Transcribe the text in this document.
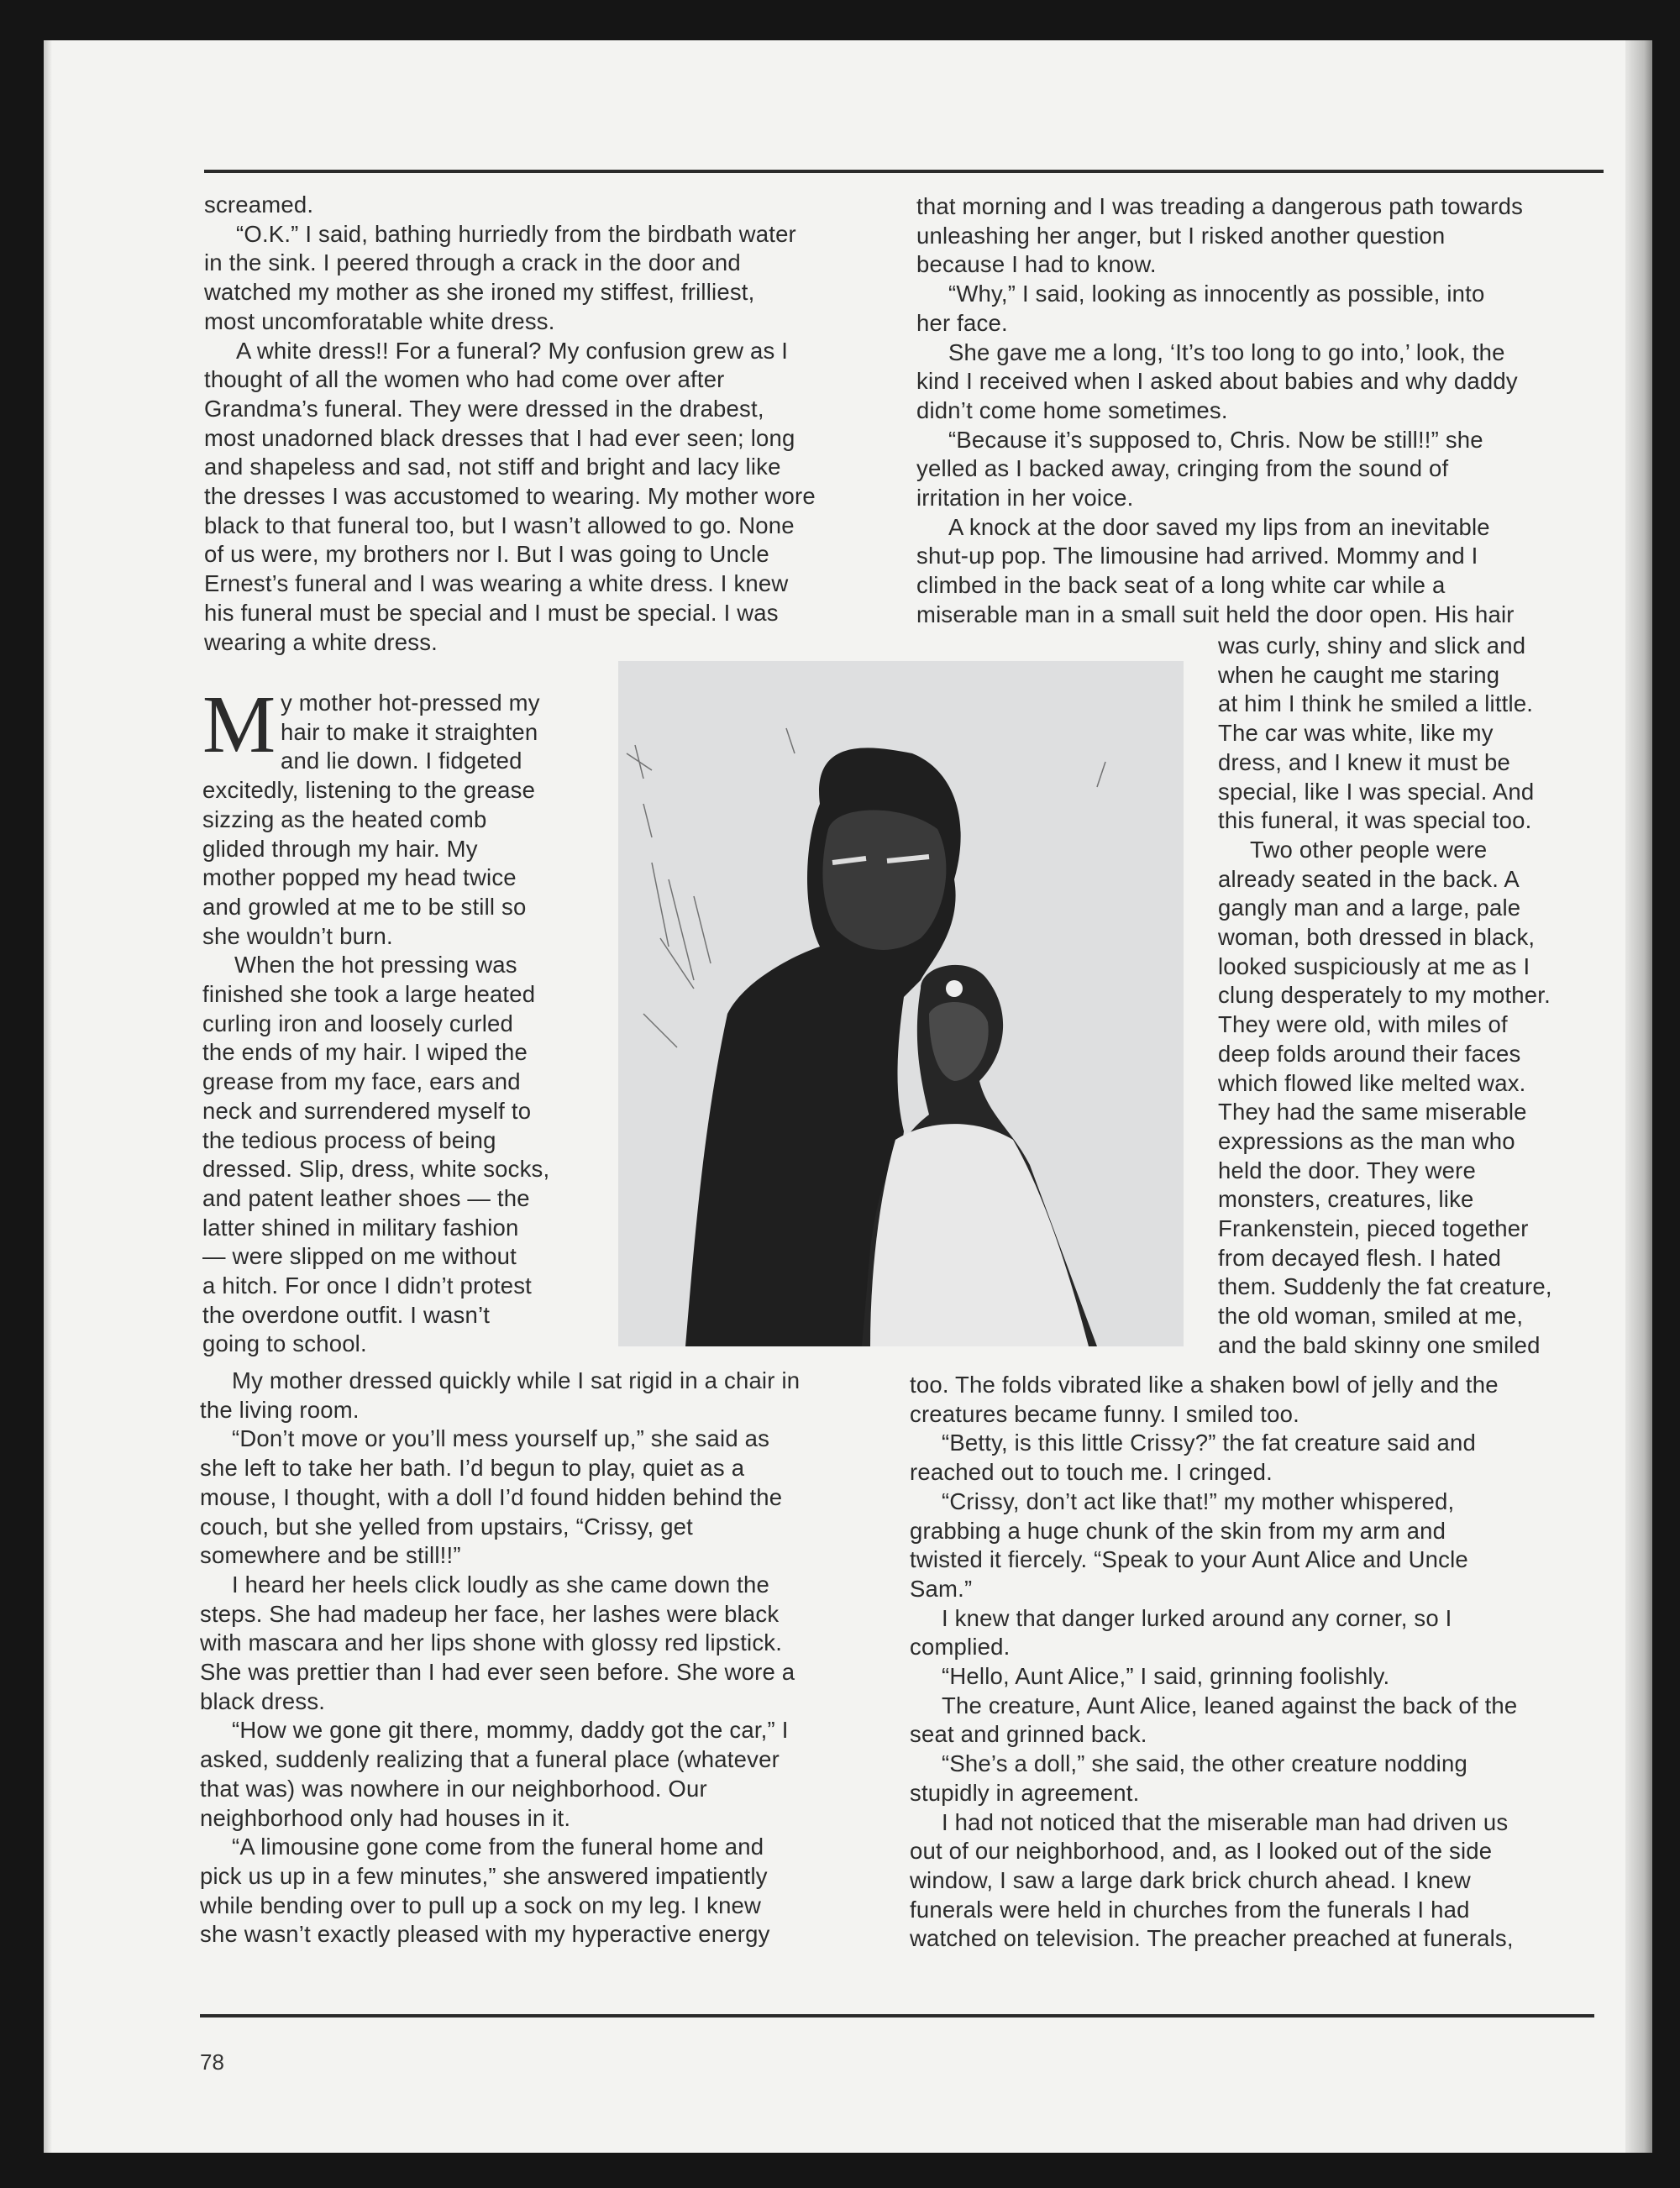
screamed.
“O.K.” I said, bathing hurriedly from the birdbath water
in the sink. I peered through a crack in the door and
watched my mother as she ironed my stiffest, frilliest,
most uncomforatable white dress.
A white dress!! For a funeral? My confusion grew as I
thought of all the women who had come over after
Grandma’s funeral. They were dressed in the drabest,
most unadorned black dresses that I had ever seen; long
and shapeless and sad, not stiff and bright and lacy like
the dresses I was accustomed to wearing. My mother wore
black to that funeral too, but I wasn’t allowed to go. None
of us were, my brothers nor I. But I was going to Uncle
Ernest’s funeral and I was wearing a white dress. I knew
his funeral must be special and I must be special. I was
wearing a white dress.
y mother hot-pressed my
hair to make it straighten
and lie down. I fidgeted
excitedly, listening to the grease
sizzing as the heated comb
glided through my hair. My
mother popped my head twice
and growled at me to be still so
she wouldn’t burn.
When the hot pressing was
finished she took a large heated
curling iron and loosely curled
the ends of my hair. I wiped the
grease from my face, ears and
neck and surrendered myself to
the tedious process of being
dressed. Slip, dress, white socks,
and patent leather shoes — the
latter shined in military fashion
— were slipped on me without
a hitch. For once I didn’t protest
the overdone outfit. I wasn’t
going to school.
My mother dressed quickly while I sat rigid in a chair in
the living room.
“Don’t move or you’ll mess yourself up,” she said as
she left to take her bath. I’d begun to play, quiet as a
mouse, I thought, with a doll I’d found hidden behind the
couch, but she yelled from upstairs, “Crissy, get
somewhere and be still!!”
I heard her heels click loudly as she came down the
steps. She had madeup her face, her lashes were black
with mascara and her lips shone with glossy red lipstick.
She was prettier than I had ever seen before. She wore a
black dress.
“How we gone git there, mommy, daddy got the car,” I
asked, suddenly realizing that a funeral place (whatever
that was) was nowhere in our neighborhood. Our
neighborhood only had houses in it.
“A limousine gone come from the funeral home and
pick us up in a few minutes,” she answered impatiently
while bending over to pull up a sock on my leg. I knew
she wasn’t exactly pleased with my hyperactive energy
that morning and I was treading a dangerous path towards
unleashing her anger, but I risked another question
because I had to know.
“Why,” I said, looking as innocently as possible, into
her face.
She gave me a long, ‘It’s too long to go into,’ look, the
kind I received when I asked about babies and why daddy
didn’t come home sometimes.
“Because it’s supposed to, Chris. Now be still!!” she
yelled as I backed away, cringing from the sound of
irritation in her voice.
A knock at the door saved my lips from an inevitable
shut-up pop. The limousine had arrived. Mommy and I
climbed in the back seat of a long white car while a
miserable man in a small suit held the door open. His hair
was curly, shiny and slick and
when he caught me staring
at him I think he smiled a little.
The car was white, like my
dress, and I knew it must be
special, like I was special. And
this funeral, it was special too.
Two other people were
already seated in the back. A
gangly man and a large, pale
woman, both dressed in black,
looked suspiciously at me as I
clung desperately to my mother.
They were old, with miles of
deep folds around their faces
which flowed like melted wax.
They had the same miserable
expressions as the man who
held the door. They were
monsters, creatures, like
Frankenstein, pieced together
from decayed flesh. I hated
them. Suddenly the fat creature,
the old woman, smiled at me,
and the bald skinny one smiled
too. The folds vibrated like a shaken bowl of jelly and the
creatures became funny. I smiled too.
“Betty, is this little Crissy?” the fat creature said and
reached out to touch me. I cringed.
“Crissy, don’t act like that!” my mother whispered,
grabbing a huge chunk of the skin from my arm and
twisted it fiercely. “Speak to your Aunt Alice and Uncle
Sam.”
I knew that danger lurked around any corner, so I
complied.
“Hello, Aunt Alice,” I said, grinning foolishly.
The creature, Aunt Alice, leaned against the back of the
seat and grinned back.
“She’s a doll,” she said, the other creature nodding
stupidly in agreement.
I had not noticed that the miserable man had driven us
out of our neighborhood, and, as I looked out of the side
window, I saw a large dark brick church ahead. I knew
funerals were held in churches from the funerals I had
watched on television. The preacher preached at funerals,
M
78
